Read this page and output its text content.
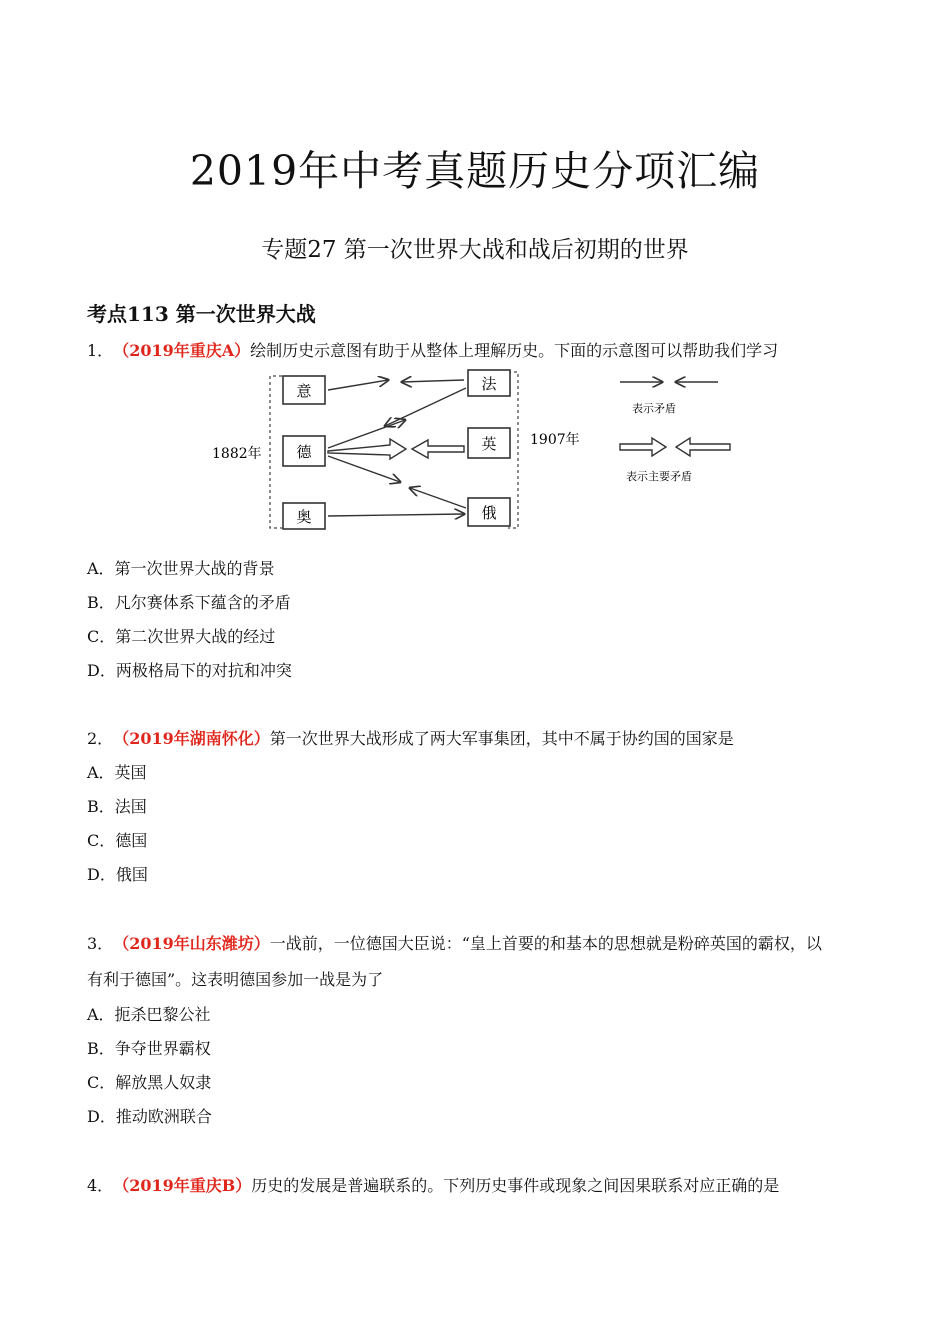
2019年中考真题历史分项汇编
专题27 第一次世界大战和战后初期的世界
考点113 第一次世界大战
1． （2019年重庆A）绘制历史示意图有助于从整体上理解历史。下面的示意图可以帮助我们学习
1882年
1907年
意
德
奥
法
英
俄
表示矛盾
表示主要矛盾
A．第一次世界大战的背景
B．凡尔赛体系下蕴含的矛盾
C．第二次世界大战的经过
D．两极格局下的对抗和冲突
2． （2019年湖南怀化）第一次世界大战形成了两大军事集团，其中不属于协约国的国家是
A．英国
B．法国
C．德国
D．俄国
3． （2019年山东潍坊）一战前，一位德国大臣说：“皇上首要的和基本的思想就是粉碎英国的霸权，以
有利于德国”。这表明德国参加一战是为了
A．扼杀巴黎公社
B．争夺世界霸权
C．解放黑人奴隶
D．推动欧洲联合
4． （2019年重庆B）历史的发展是普遍联系的。下列历史事件或现象之间因果联系对应正确的是
